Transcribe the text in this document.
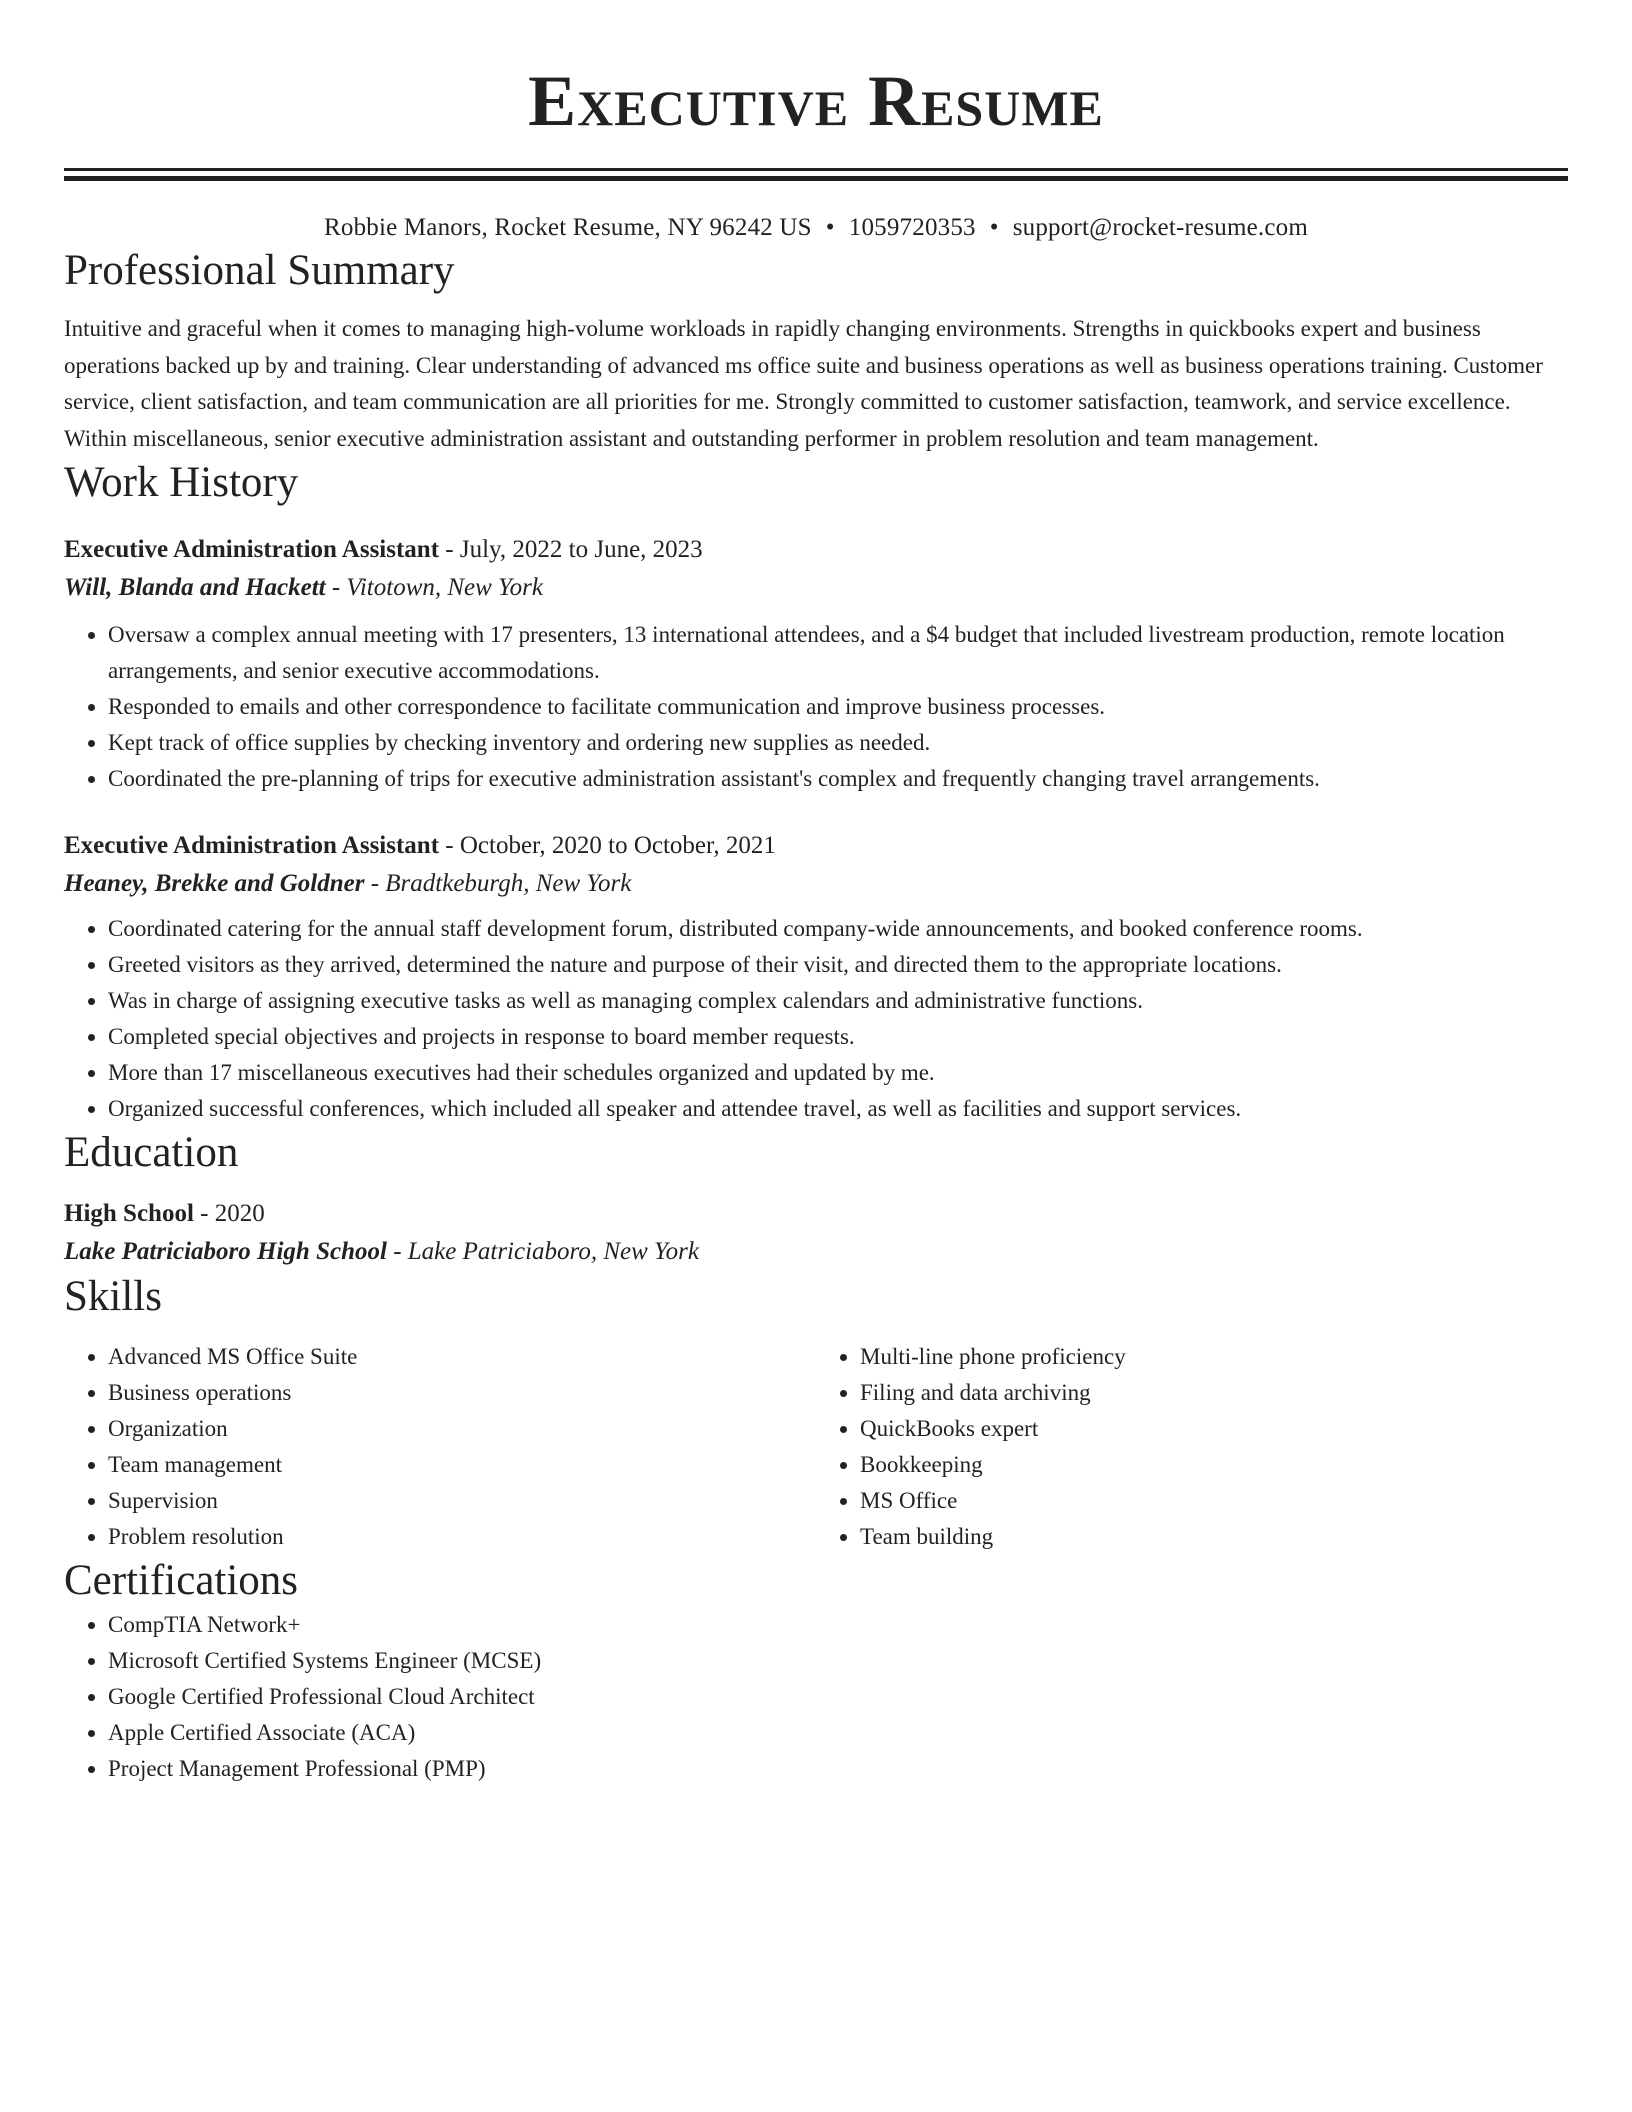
Executive Resume
Robbie Manors, Rocket Resume, NY 96242 US • 1059720353 • support@rocket-resume.com
Professional Summary
Intuitive and graceful when it comes to managing high-volume workloads in rapidly changing environments. Strengths in quickbooks expert and business operations backed up by and training. Clear understanding of advanced ms office suite and business operations as well as business operations training. Customer service, client satisfaction, and team communication are all priorities for me. Strongly committed to customer satisfaction, teamwork, and service excellence. Within miscellaneous, senior executive administration assistant and outstanding performer in problem resolution and team management.
Work History
Executive Administration Assistant - July, 2022 to June, 2023
Will, Blanda and Hackett - Vitotown, New York
• Oversaw a complex annual meeting with 17 presenters, 13 international attendees, and a $4 budget that included livestream production, remote location arrangements, and senior executive accommodations.
• Responded to emails and other correspondence to facilitate communication and improve business processes.
• Kept track of office supplies by checking inventory and ordering new supplies as needed.
• Coordinated the pre-planning of trips for executive administration assistant's complex and frequently changing travel arrangements.
Executive Administration Assistant - October, 2020 to October, 2021
Heaney, Brekke and Goldner - Bradtkeburgh, New York
• Coordinated catering for the annual staff development forum, distributed company-wide announcements, and booked conference rooms.
• Greeted visitors as they arrived, determined the nature and purpose of their visit, and directed them to the appropriate locations.
• Was in charge of assigning executive tasks as well as managing complex calendars and administrative functions.
• Completed special objectives and projects in response to board member requests.
• More than 17 miscellaneous executives had their schedules organized and updated by me.
• Organized successful conferences, which included all speaker and attendee travel, as well as facilities and support services.
Education
High School - 2020
Lake Patriciaboro High School - Lake Patriciaboro, New York
Skills
• Advanced MS Office Suite
• Business operations
• Organization
• Team management
• Supervision
• Problem resolution
• Multi-line phone proficiency
• Filing and data archiving
• QuickBooks expert
• Bookkeeping
• MS Office
• Team building
Certifications
• CompTIA Network+
• Microsoft Certified Systems Engineer (MCSE)
• Google Certified Professional Cloud Architect
• Apple Certified Associate (ACA)
• Project Management Professional (PMP)
